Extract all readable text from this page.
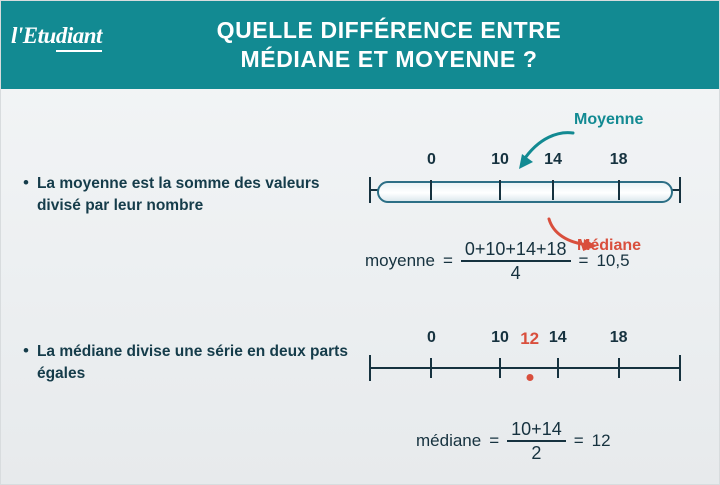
l'Etudiant	QUELLE DIFFÉRENCE ENTRE
MÉDIANE ET MOYENNE ?
• La moyenne est la somme des valeurs divisé par leur nombre
• La médiane divise une série en deux parts égales
Moyenne
0	10 14	18
moyenne = $\frac{0+10+14+18}{4} = 10,5$
0	10 12 14	18
Médiane
médiane = $\frac{10+14}{2} = 12$
